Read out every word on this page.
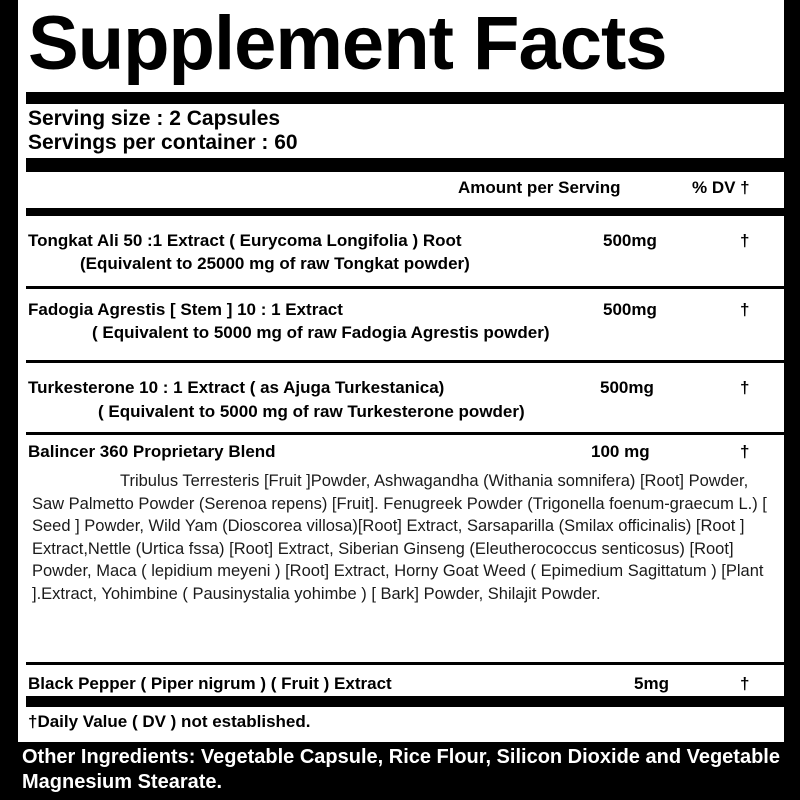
Supplement Facts
Serving size : 2 Capsules
Servings per container : 60
Amount per Serving	% DV †
Tongkat Ali 50 :1 Extract ( Eurycoma Longifolia ) Root	500mg	†
(Equivalent to 25000 mg of raw Tongkat powder)
Fadogia Agrestis [ Stem ] 10 : 1 Extract	500mg	†
( Equivalent to 5000 mg of raw Fadogia Agrestis powder)
Turkesterone 10 : 1 Extract ( as Ajuga Turkestanica)	500mg	†
( Equivalent to 5000 mg of raw Turkesterone powder)
Balincer 360 Proprietary Blend	100 mg	†
Tribulus Terresteris [Fruit ]Powder, Ashwagandha (Withania somnifera) [Root] Powder, Saw Palmetto Powder (Serenoa repens) [Fruit]. Fenugreek Powder (Trigonella foenum-graecum L.) [ Seed ] Powder, Wild Yam (Dioscorea villosa)[Root] Extract, Sarsaparilla (Smilax officinalis) [Root ] Extract,Nettle (Urtica fssa) [Root] Extract, Siberian Ginseng (Eleutherococcus senticosus) [Root] Powder, Maca ( lepidium meyeni ) [Root] Extract, Horny Goat Weed ( Epimedium Sagittatum ) [Plant ].Extract, Yohimbine ( Pausinystalia yohimbe ) [ Bark] Powder, Shilajit Powder.
Black Pepper ( Piper nigrum ) ( Fruit ) Extract	5mg	†
†Daily Value ( DV ) not established.
Other Ingredients: Vegetable Capsule, Rice Flour, Silicon Dioxide and Vegetable Magnesium Stearate.
